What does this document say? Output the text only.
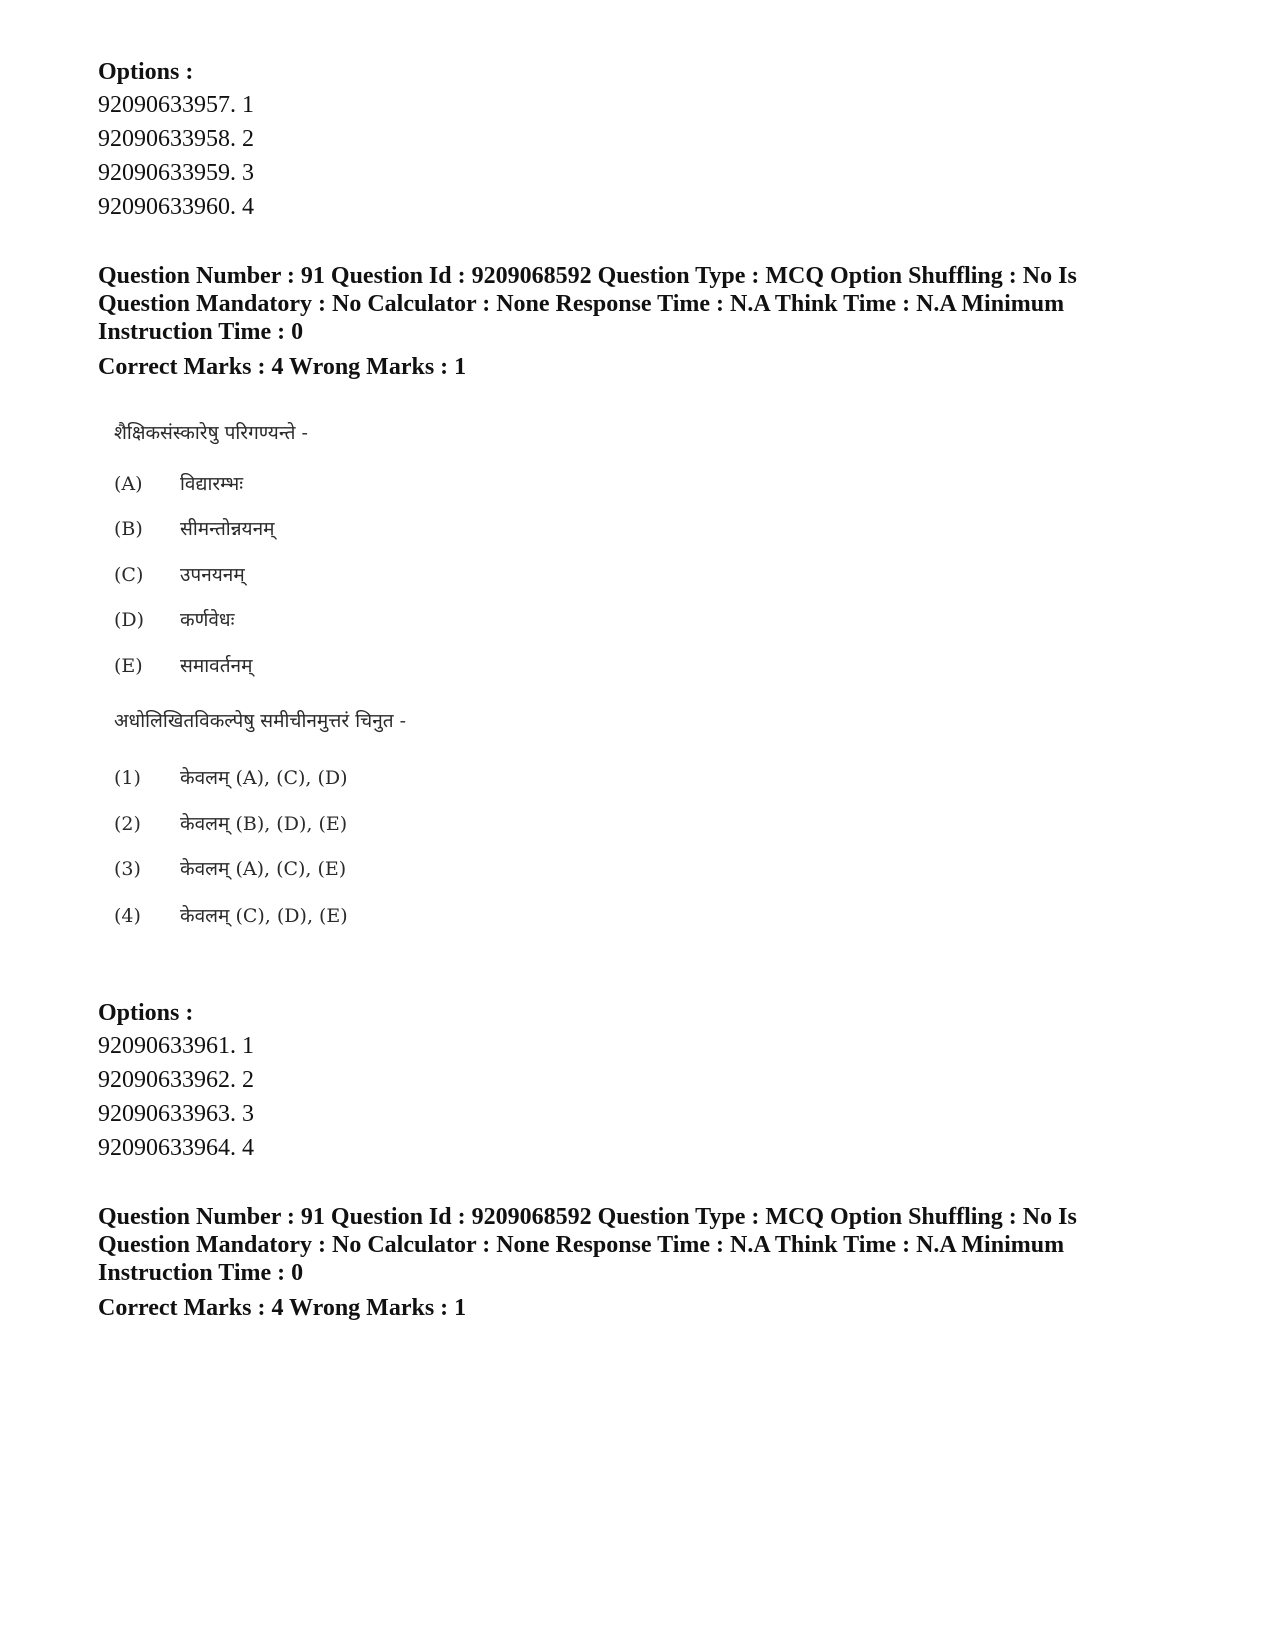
Options :

92090633957. 1

92090633958. 2

92090633959. 3

92090633960. 4

Question Number : 91 Question Id : 9209068592 Question Type : MCQ Option Shuffling : No Is Question Mandatory : No Calculator : None Response Time : N.A Think Time : N.A Minimum Instruction Time : 0

Correct Marks : 4 Wrong Marks : 1

शैक्षिकसंस्कारेषु परिगण्यन्ते -
(A)	विद्यारम्भः
(B)	सीमन्तोन्नयनम्
(C)	उपनयनम्
(D)	कर्णवेधः
(E)	समावर्तनम्
अधोलिखितविकल्पेषु समीचीनमुत्तरं चिनुत -
(1)	केवलम् (A), (C), (D)
(2)	केवलम् (B), (D), (E)
(3)	केवलम् (A), (C), (E)
(4)	केवलम् (C), (D), (E)

Options :

92090633961. 1

92090633962. 2

92090633963. 3

92090633964. 4

Question Number : 91 Question Id : 9209068592 Question Type : MCQ Option Shuffling : No Is Question Mandatory : No Calculator : None Response Time : N.A Think Time : N.A Minimum Instruction Time : 0

Correct Marks : 4 Wrong Marks : 1
